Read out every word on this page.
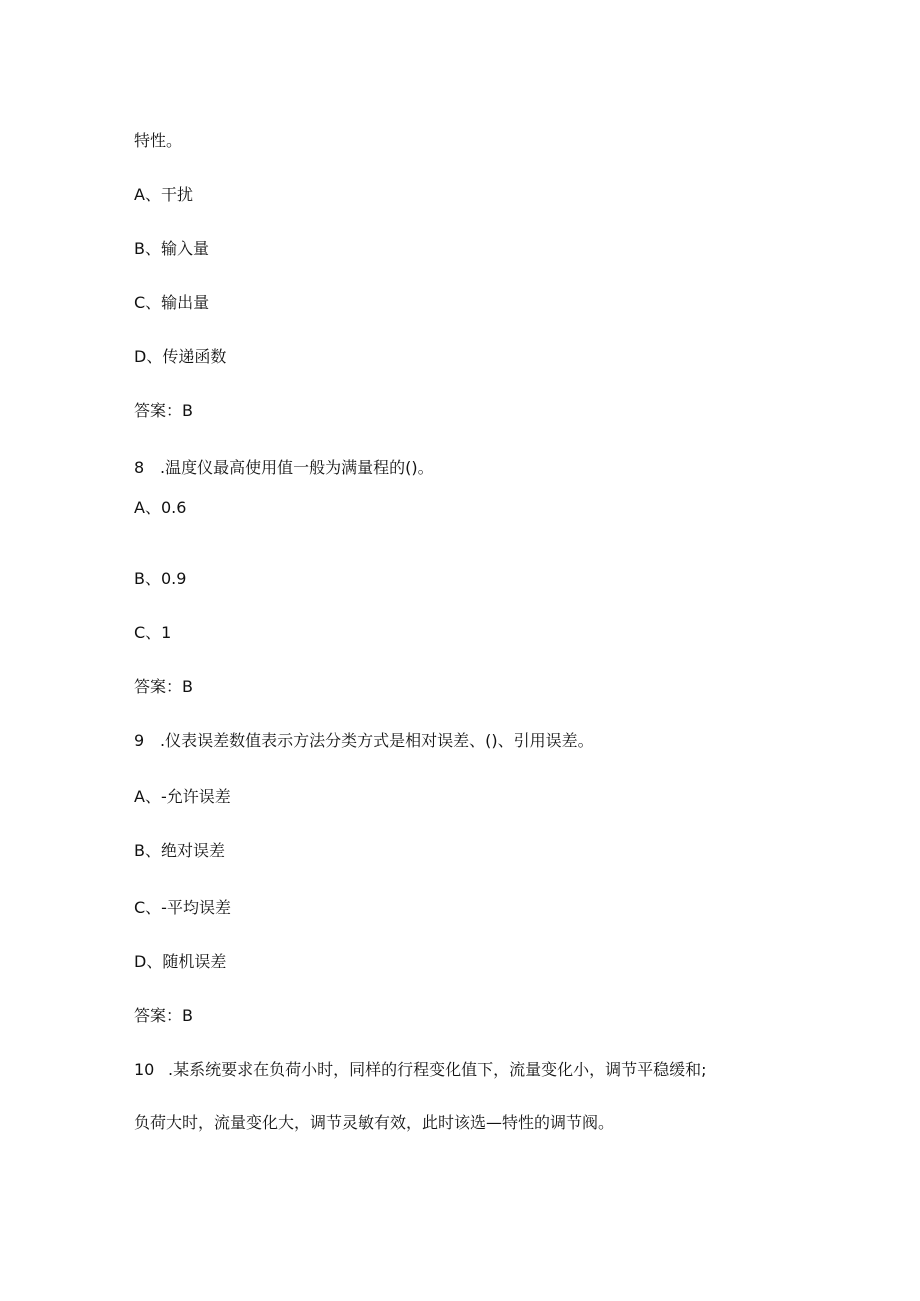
特性。
A、干扰
B、输入量
C、输出量
D、传递函数
答案：B
8 .温度仪最高使用值一般为满量程的()。
A、0.6
B、0.9
C、1
答案：B
9 .仪表误差数值表示方法分类方式是相对误差、()、引用误差。
A、-允许误差
B、绝对误差
C、-平均误差
D、随机误差
答案：B
10 .某系统要求在负荷小时，同样的行程变化值下，流量变化小，调节平稳缓和;
负荷大时，流量变化大，调节灵敏有效，此时该选—特性的调节阀。
